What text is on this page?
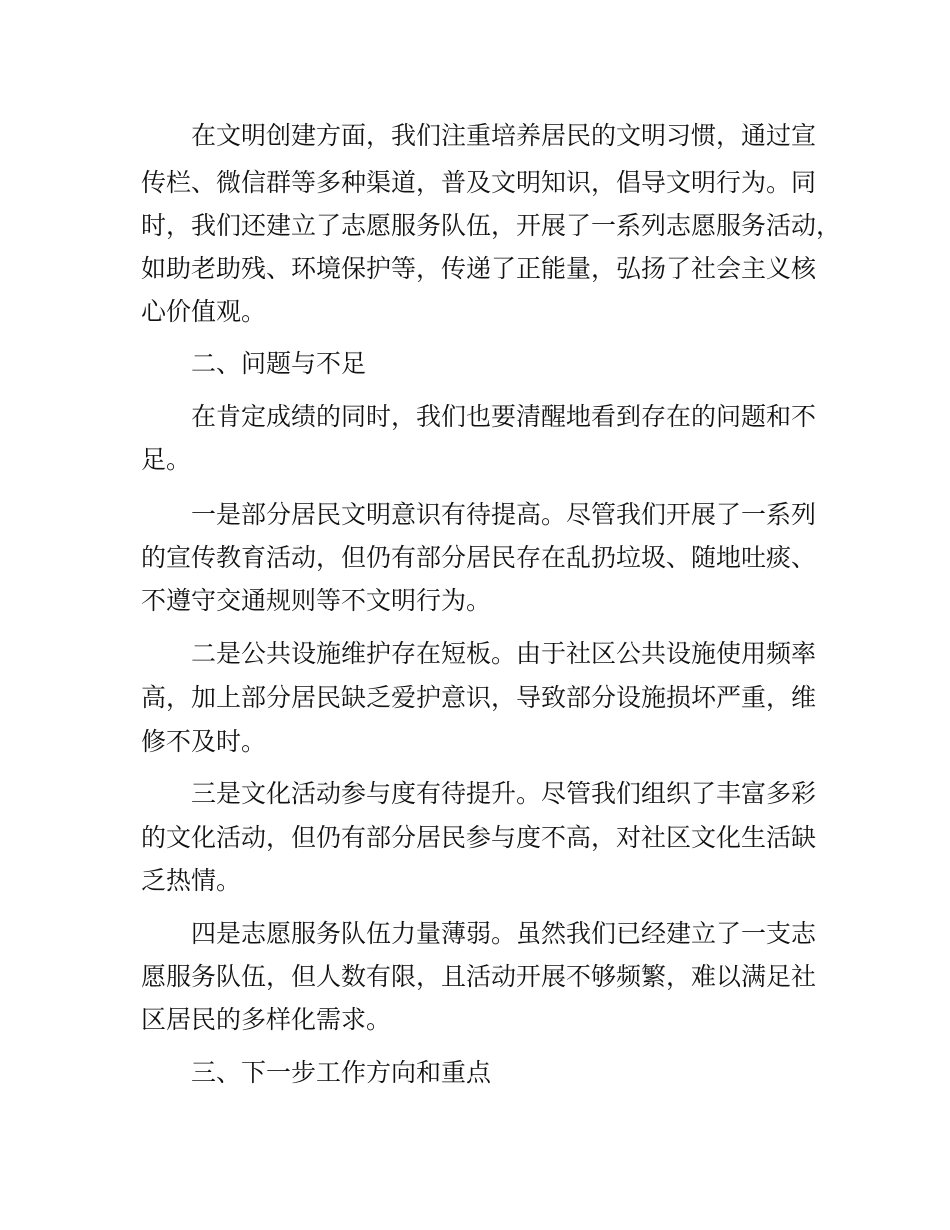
在文明创建方面，我们注重培养居民的文明习惯，通过宣

传栏、微信群等多种渠道，普及文明知识，倡导文明行为。同

时，我们还建立了志愿服务队伍，开展了一系列志愿服务活动，

如助老助残、环境保护等，传递了正能量，弘扬了社会主义核

心价值观。

二、问题与不足

在肯定成绩的同时，我们也要清醒地看到存在的问题和不

足。

一是部分居民文明意识有待提高。尽管我们开展了一系列

的宣传教育活动，但仍有部分居民存在乱扔垃圾、随地吐痰、

不遵守交通规则等不文明行为。

二是公共设施维护存在短板。由于社区公共设施使用频率

高，加上部分居民缺乏爱护意识，导致部分设施损坏严重，维

修不及时。

三是文化活动参与度有待提升。尽管我们组织了丰富多彩

的文化活动，但仍有部分居民参与度不高，对社区文化生活缺

乏热情。

四是志愿服务队伍力量薄弱。虽然我们已经建立了一支志

愿服务队伍，但人数有限，且活动开展不够频繁，难以满足社

区居民的多样化需求。

三、下一步工作方向和重点
